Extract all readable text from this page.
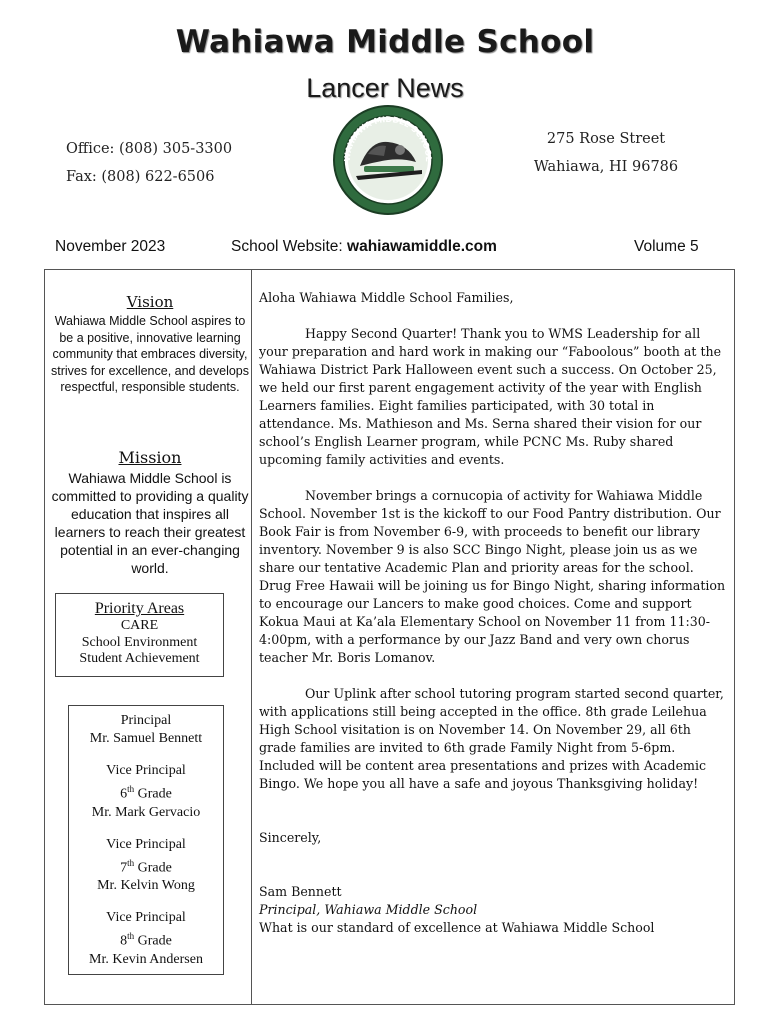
Wahiawa Middle School
Lancer News
Office: (808) 305-3300
Fax: (808) 622-6506
275 Rose Street
Wahiawa, HI 96786
WAHIAWA MIDDLE SCHOOL
November 2023	School Website: wahiawamiddle.com	Volume 5
Vision
Wahiawa Middle School aspires to be a positive, innovative learning community that embraces diversity, strives for excellence, and develops respectful, responsible students.
Mission
Wahiawa Middle School is committed to providing a quality education that inspires all learners to reach their greatest potential in an ever-changing world.
Priority Areas
CARE
School Environment
Student Achievement
Principal
Mr. Samuel Bennett
Vice Principal
6th Grade
Mr. Mark Gervacio
Vice Principal
7th Grade
Mr. Kelvin Wong
Vice Principal
8th Grade
Mr. Kevin Andersen

Aloha Wahiawa Middle School Families,

Happy Second Quarter! Thank you to WMS Leadership for all your preparation and hard work in making our “Faboolous” booth at the Wahiawa District Park Halloween event such a success. On October 25, we held our first parent engagement activity of the year with English Learners families. Eight families participated, with 30 total in attendance. Ms. Mathieson and Ms. Serna shared their vision for our school’s English Learner program, while PCNC Ms. Ruby shared upcoming family activities and events.

November brings a cornucopia of activity for Wahiawa Middle School. November 1st is the kickoff to our Food Pantry distribution. Our Book Fair is from November 6-9, with proceeds to benefit our library inventory. November 9 is also SCC Bingo Night, please join us as we share our tentative Academic Plan and priority areas for the school. Drug Free Hawaii will be joining us for Bingo Night, sharing information to encourage our Lancers to make good choices. Come and support Kokua Maui at Ka’ala Elementary School on November 11 from 11:30-4:00pm, with a performance by our Jazz Band and very own chorus teacher Mr. Boris Lomanov.

Our Uplink after school tutoring program started second quarter, with applications still being accepted in the office. 8th grade Leilehua High School visitation is on November 14. On November 29, all 6th grade families are invited to 6th grade Family Night from 5-6pm. Included will be content area presentations and prizes with Academic Bingo. We hope you all have a safe and joyous Thanksgiving holiday!

Sincerely,

Sam Bennett

Principal, Wahiawa Middle School

What is our standard of excellence at Wahiawa Middle School
